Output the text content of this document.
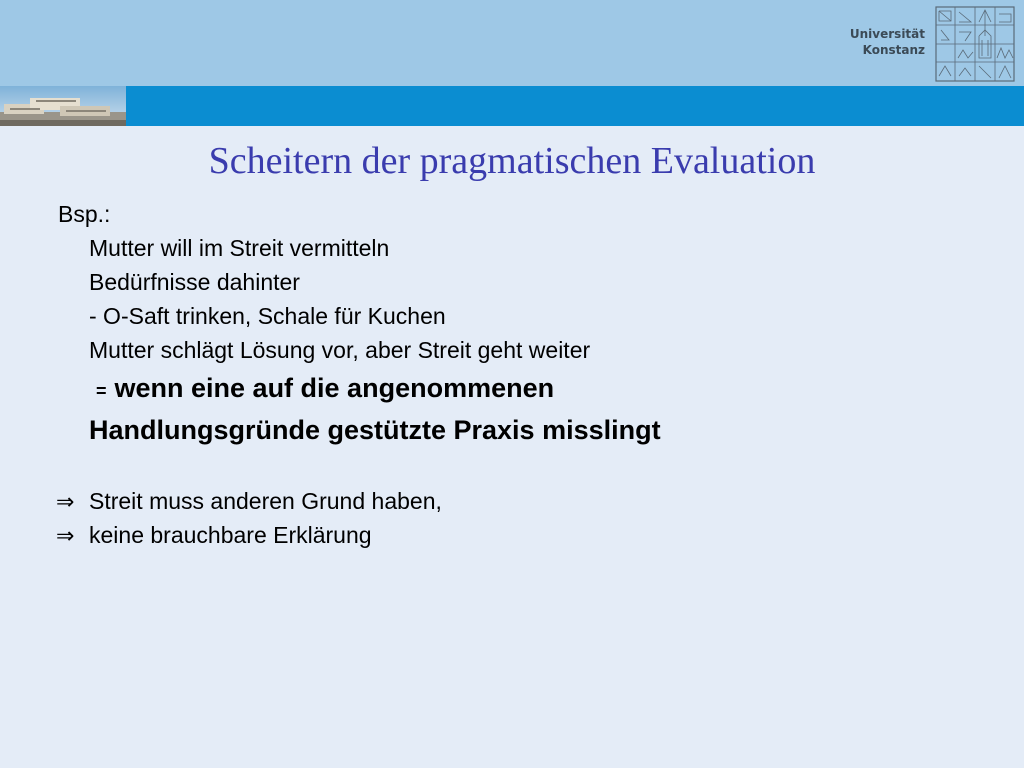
Universität
Konstanz
Scheitern der pragmatischen Evaluation
Bsp.:
Mutter will im Streit vermitteln
Bedürfnisse dahinter
- O-Saft trinken, Schale für Kuchen
Mutter schlägt Lösung vor, aber Streit geht weiter
= wenn eine auf die angenommenen
Handlungsgründe gestützte Praxis misslingt
⇒ Streit muss anderen Grund haben,
⇒ keine brauchbare Erklärung
